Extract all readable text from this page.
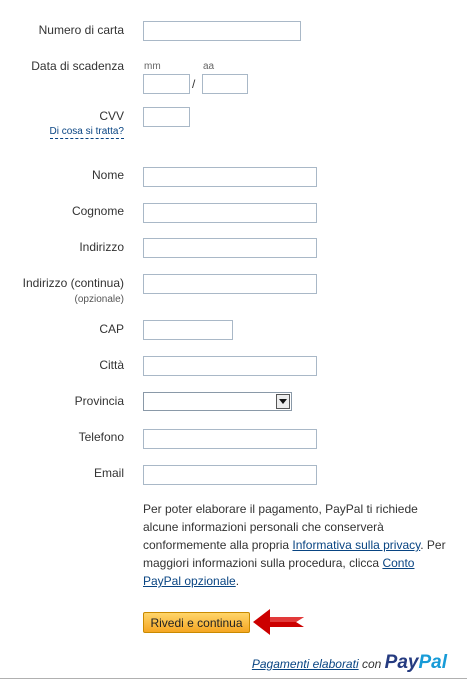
Numero di carta
Data di scadenza mm	aa
/
CVV
Di cosa si tratta?
Nome
Cognome
Indirizzo
Indirizzo (continua)
(opzionale)
CAP
Città
Provincia
Telefono
Email
Per poter elaborare il pagamento, PayPal ti richiede alcune informazioni personali che conserverà conformemente alla propria Informativa sulla privacy. Per maggiori informazioni sulla procedura, clicca Conto PayPal opzionale.
Rivedi e continua
Pagamenti elaborati con PayPal
